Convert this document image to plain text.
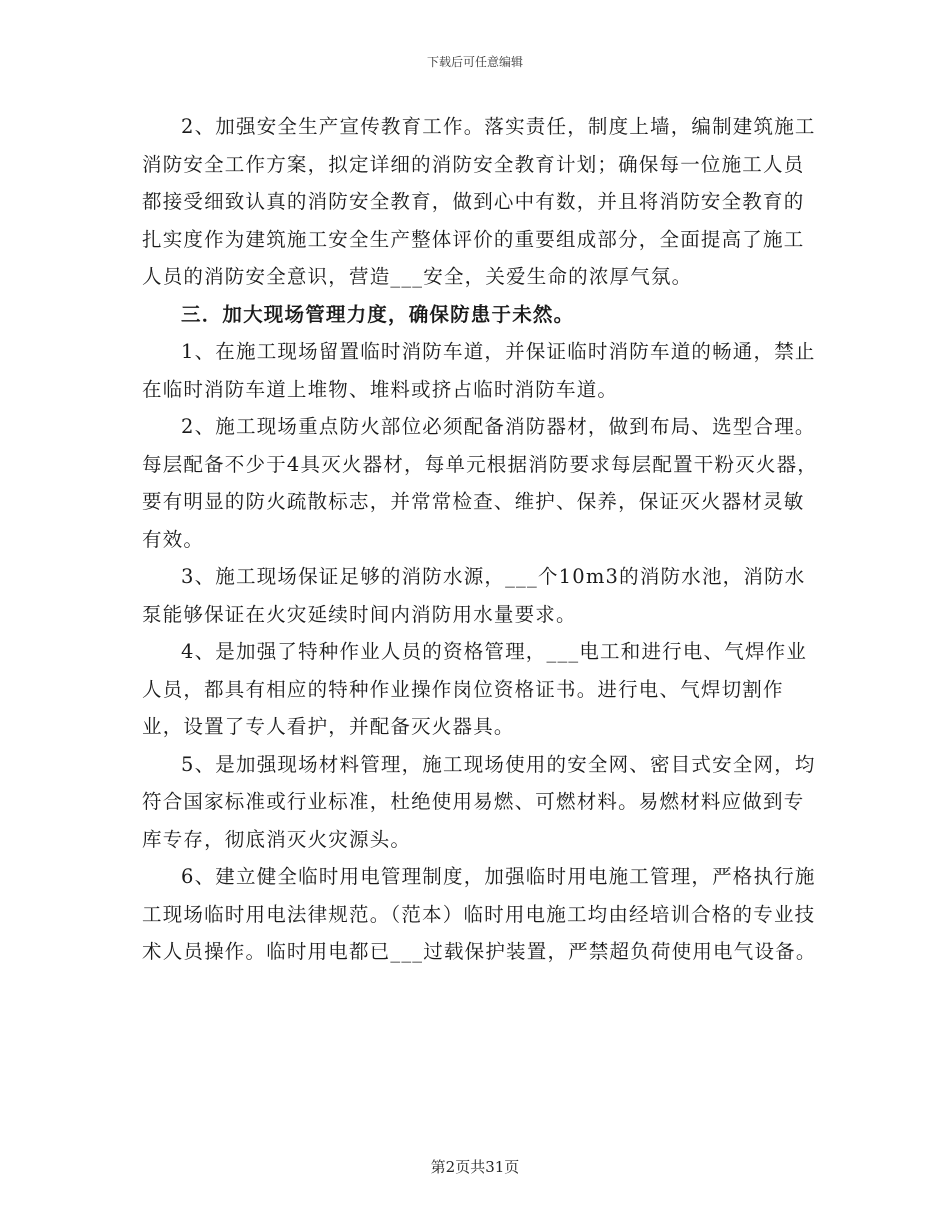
下载后可任意编辑

2、加强安全生产宣传教育工作。落实责任，制度上墙，编制建筑施工消防安全工作方案，拟定详细的消防安全教育计划；确保每一位施工人员都接受细致认真的消防安全教育，做到心中有数，并且将消防安全教育的扎实度作为建筑施工安全生产整体评价的重要组成部分，全面提高了施工人员的消防安全意识，营造___安全，关爱生命的浓厚气氛。

三．加大现场管理力度，确保防患于未然。

1、在施工现场留置临时消防车道，并保证临时消防车道的畅通，禁止在临时消防车道上堆物、堆料或挤占临时消防车道。

2、施工现场重点防火部位必须配备消防器材，做到布局、选型合理。每层配备不少于4具灭火器材，每单元根据消防要求每层配置干粉灭火器，要有明显的防火疏散标志，并常常检查、维护、保养，保证灭火器材灵敏有效。

3、施工现场保证足够的消防水源，___个10m3的消防水池，消防水泵能够保证在火灾延续时间内消防用水量要求。

4、是加强了特种作业人员的资格管理，___电工和进行电、气焊作业人员，都具有相应的特种作业操作岗位资格证书。进行电、气焊切割作业，设置了专人看护，并配备灭火器具。

5、是加强现场材料管理，施工现场使用的安全网、密目式安全网，均符合国家标准或行业标准，杜绝使用易燃、可燃材料。易燃材料应做到专库专存，彻底消灭火灾源头。

6、建立健全临时用电管理制度，加强临时用电施工管理，严格执行施工现场临时用电法律规范。（范本）临时用电施工均由经培训合格的专业技术人员操作。临时用电都已___过载保护装置，严禁超负荷使用电气设备。

第2页共31页
